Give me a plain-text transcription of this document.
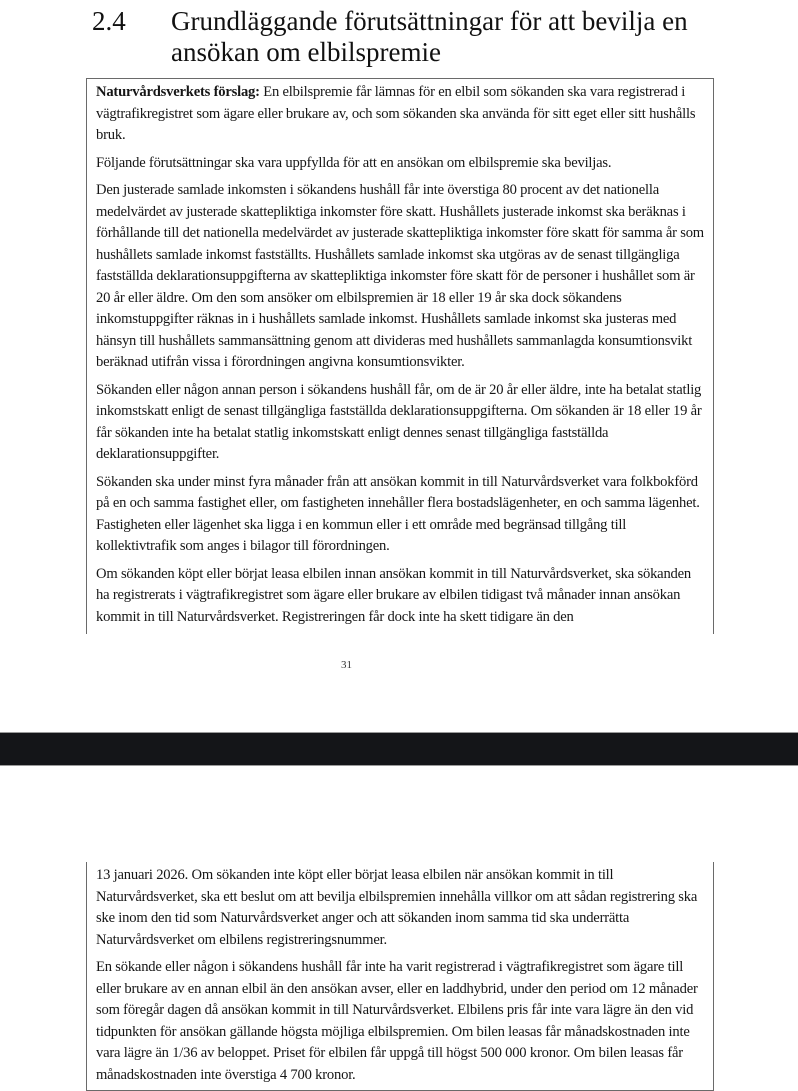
2.4	Grundläggande förutsättningar för att bevilja en ansökan om elbilspremie

Naturvårdsverkets förslag: En elbilspremie får lämnas för en elbil som sökanden ska vara registrerad i vägtrafikregistret som ägare eller brukare av, och som sökanden ska använda för sitt eget eller sitt hushålls bruk.

Följande förutsättningar ska vara uppfyllda för att en ansökan om elbilspremie ska beviljas.

Den justerade samlade inkomsten i sökandens hushåll får inte överstiga 80 procent av det nationella medelvärdet av justerade skattepliktiga inkomster före skatt. Hushållets justerade inkomst ska beräknas i förhållande till det nationella medelvärdet av justerade skattepliktiga inkomster före skatt för samma år som hushållets samlade inkomst fastställts. Hushållets samlade inkomst ska utgöras av de senast tillgängliga fastställda deklarationsuppgifterna av skattepliktiga inkomster före skatt för de personer i hushållet som är 20 år eller äldre. Om den som ansöker om elbilspremien är 18 eller 19 år ska dock sökandens inkomstuppgifter räknas in i hushållets samlade inkomst. Hushållets samlade inkomst ska justeras med hänsyn till hushållets sammansättning genom att divideras med hushållets sammanlagda konsumtionsvikt beräknad utifrån vissa i förordningen angivna konsumtionsvikter.

Sökanden eller någon annan person i sökandens hushåll får, om de är 20 år eller äldre, inte ha betalat statlig inkomstskatt enligt de senast tillgängliga fastställda deklarationsuppgifterna. Om sökanden är 18 eller 19 år får sökanden inte ha betalat statlig inkomstskatt enligt dennes senast tillgängliga fastställda deklarationsuppgifter.

Sökanden ska under minst fyra månader från att ansökan kommit in till Naturvårdsverket vara folkbokförd på en och samma fastighet eller, om fastigheten innehåller flera bostadslägenheter, en och samma lägenhet. Fastigheten eller lägenhet ska ligga i en kommun eller i ett område med begränsad tillgång till kollektivtrafik som anges i bilagor till förordningen.

Om sökanden köpt eller börjat leasa elbilen innan ansökan kommit in till Naturvårdsverket, ska sökanden ha registrerats i vägtrafikregistret som ägare eller brukare av elbilen tidigast två månader innan ansökan kommit in till Naturvårdsverket. Registreringen får dock inte ha skett tidigare än den

31

13 januari 2026. Om sökanden inte köpt eller börjat leasa elbilen när ansökan kommit in till Naturvårdsverket, ska ett beslut om att bevilja elbilspremien innehålla villkor om att sådan registrering ska ske inom den tid som Naturvårdsverket anger och att sökanden inom samma tid ska underrätta Naturvårdsverket om elbilens registreringsnummer.

En sökande eller någon i sökandens hushåll får inte ha varit registrerad i vägtrafikregistret som ägare till eller brukare av en annan elbil än den ansökan avser, eller en laddhybrid, under den period om 12 månader som föregår dagen då ansökan kommit in till Naturvårdsverket. Elbilens pris får inte vara lägre än den vid tidpunkten för ansökan gällande högsta möjliga elbilspremien. Om bilen leasas får månadskostnaden inte vara lägre än 1/36 av beloppet. Priset för elbilen får uppgå till högst 500 000 kronor. Om bilen leasas får månadskostnaden inte överstiga 4 700 kronor.
